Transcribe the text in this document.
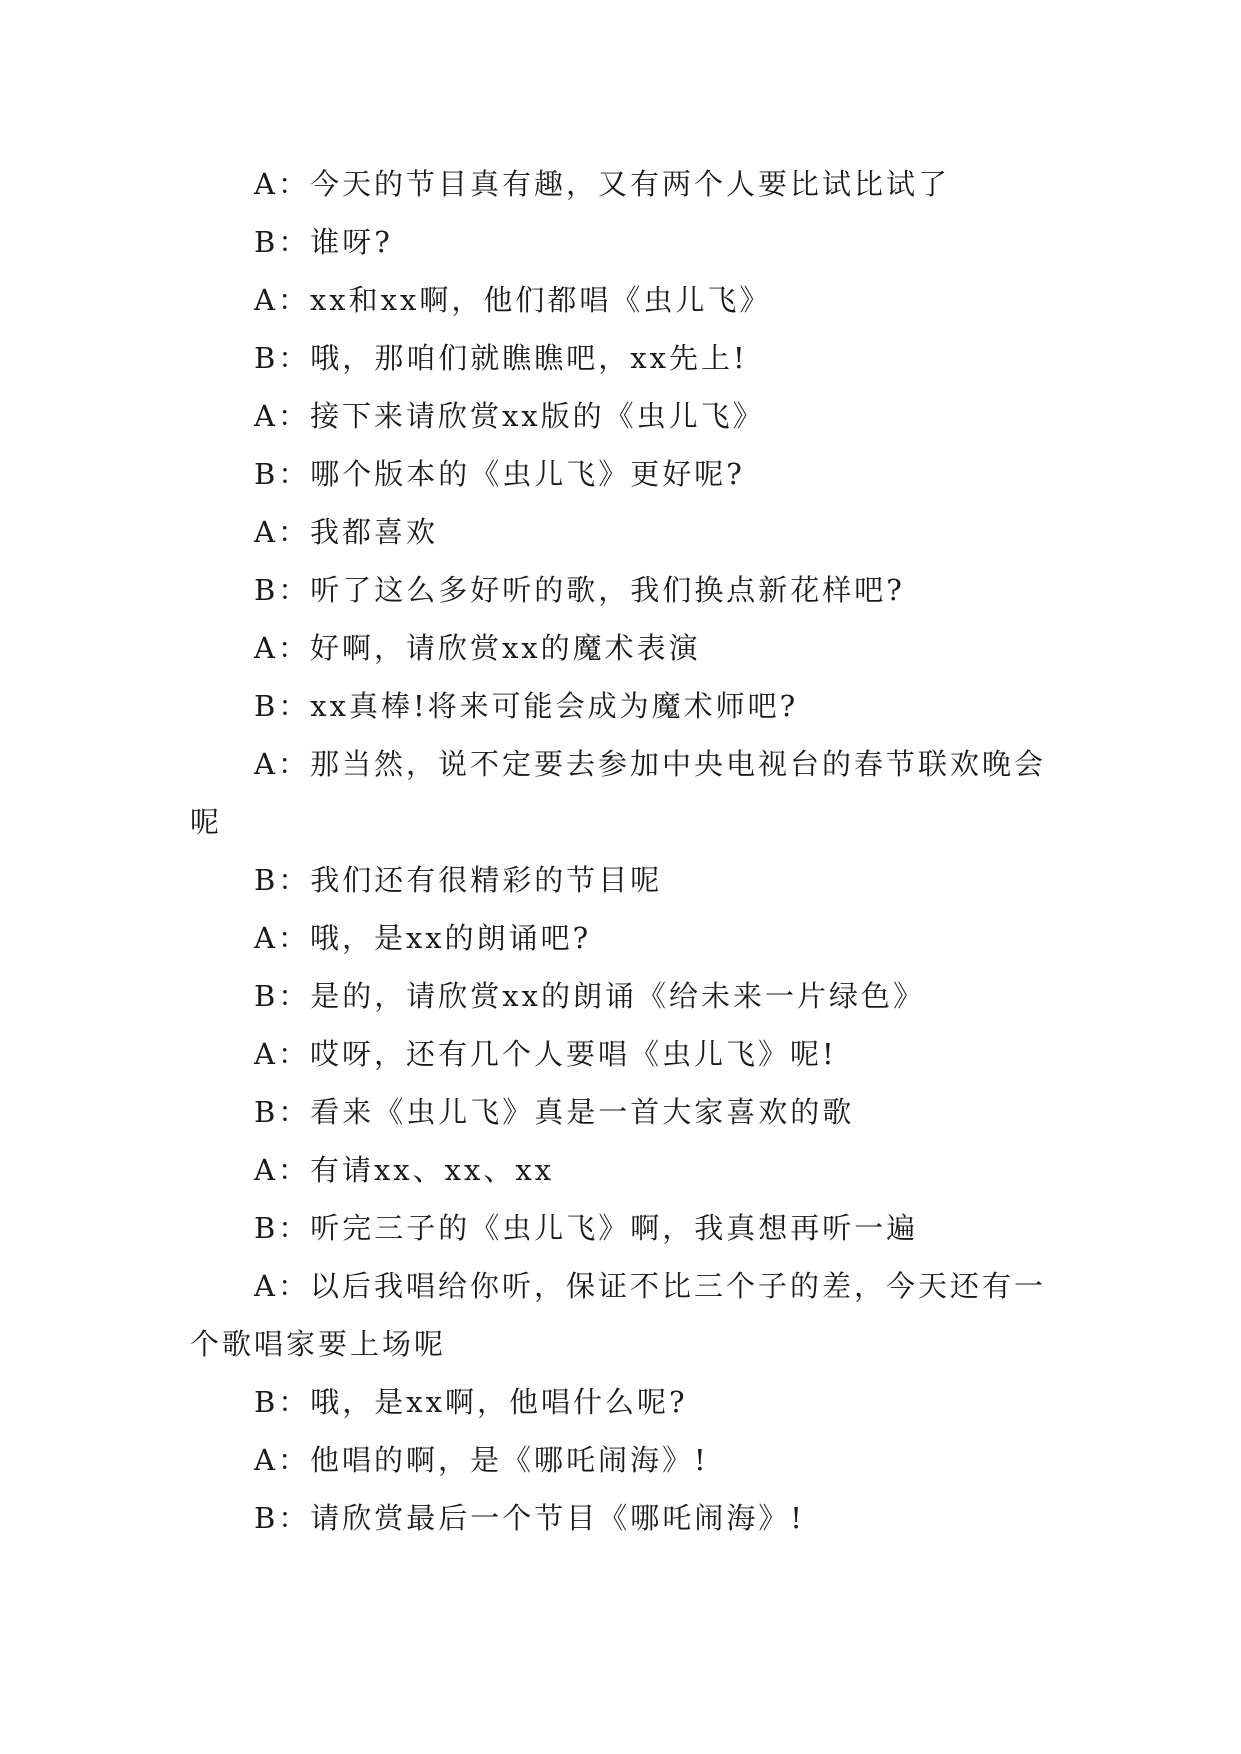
A：今天的节目真有趣，又有两个人要比试比试了

B：谁呀?

A：xx和xx啊，他们都唱《虫儿飞》

B：哦，那咱们就瞧瞧吧，xx先上!

A：接下来请欣赏xx版的《虫儿飞》

B：哪个版本的《虫儿飞》更好呢?

A：我都喜欢

B：听了这么多好听的歌，我们换点新花样吧?

A：好啊，请欣赏xx的魔术表演

B：xx真棒!将来可能会成为魔术师吧?

A：那当然，说不定要去参加中央电视台的春节联欢晚会呢

B：我们还有很精彩的节目呢

A：哦，是xx的朗诵吧?

B：是的，请欣赏xx的朗诵《给未来一片绿色》

A：哎呀，还有几个人要唱《虫儿飞》呢!

B：看来《虫儿飞》真是一首大家喜欢的歌

A：有请xx、xx、xx

B：听完三子的《虫儿飞》啊，我真想再听一遍

A：以后我唱给你听，保证不比三个子的差，今天还有一个歌唱家要上场呢

B：哦，是xx啊，他唱什么呢?

A：他唱的啊，是《哪吒闹海》!

B：请欣赏最后一个节目《哪吒闹海》!
